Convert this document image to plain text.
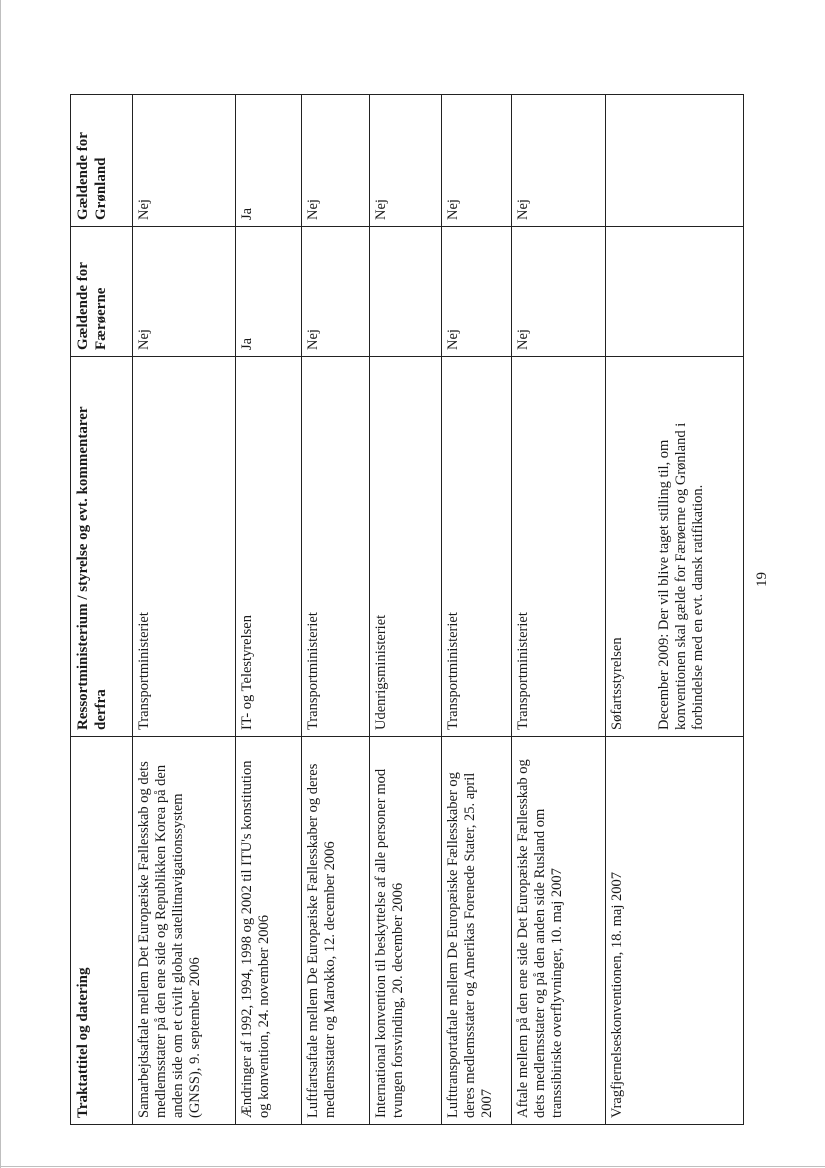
Traktattitel og datering	Ressortministerium / styrelse og evt. kommentarer derfra	Gældende for Færøerne	Gældende for Grønland
Samarbejdsaftale mellem Det Europæiske Fællesskab og dets medlemsstater på den ene side og Republikken Korea på den anden side om et civilt globalt satellitnavigationssystem (GNSS), 9. september 2006	Transportministeriet	Nej	Nej
Ændringer af 1992, 1994, 1998 og 2002 til ITU's konstitution og konvention, 24. november 2006	IT- og Telestyrelsen	Ja	Ja
Luftfartsaftale mellem De Europæiske Fællesskaber og deres medlemsstater og Marokko, 12. december 2006	Transportministeriet	Nej	Nej
International konvention til beskyttelse af alle personer mod tvungen forsvinding, 20. december 2006	Udenrigsministeriet		Nej
Lufttransportaftale mellem De Europæiske Fællesskaber og deres medlemsstater og Amerikas Forenede Stater, 25. april 2007	Transportministeriet	Nej	Nej
Aftale mellem på den ene side Det Europæiske Fællesskab og dets medlemsstater og på den anden side Rusland om transsibiriske overflyvninger, 10. maj 2007	Transportministeriet	Nej	Nej
Vragfjernelseskonventionen, 18. maj 2007	Søfartsstyrelsen December 2009: Der vil blive taget stilling til, om konventionen skal gælde for Færøerne og Grønland i forbindelse med en evt. dansk ratifikation.			19
